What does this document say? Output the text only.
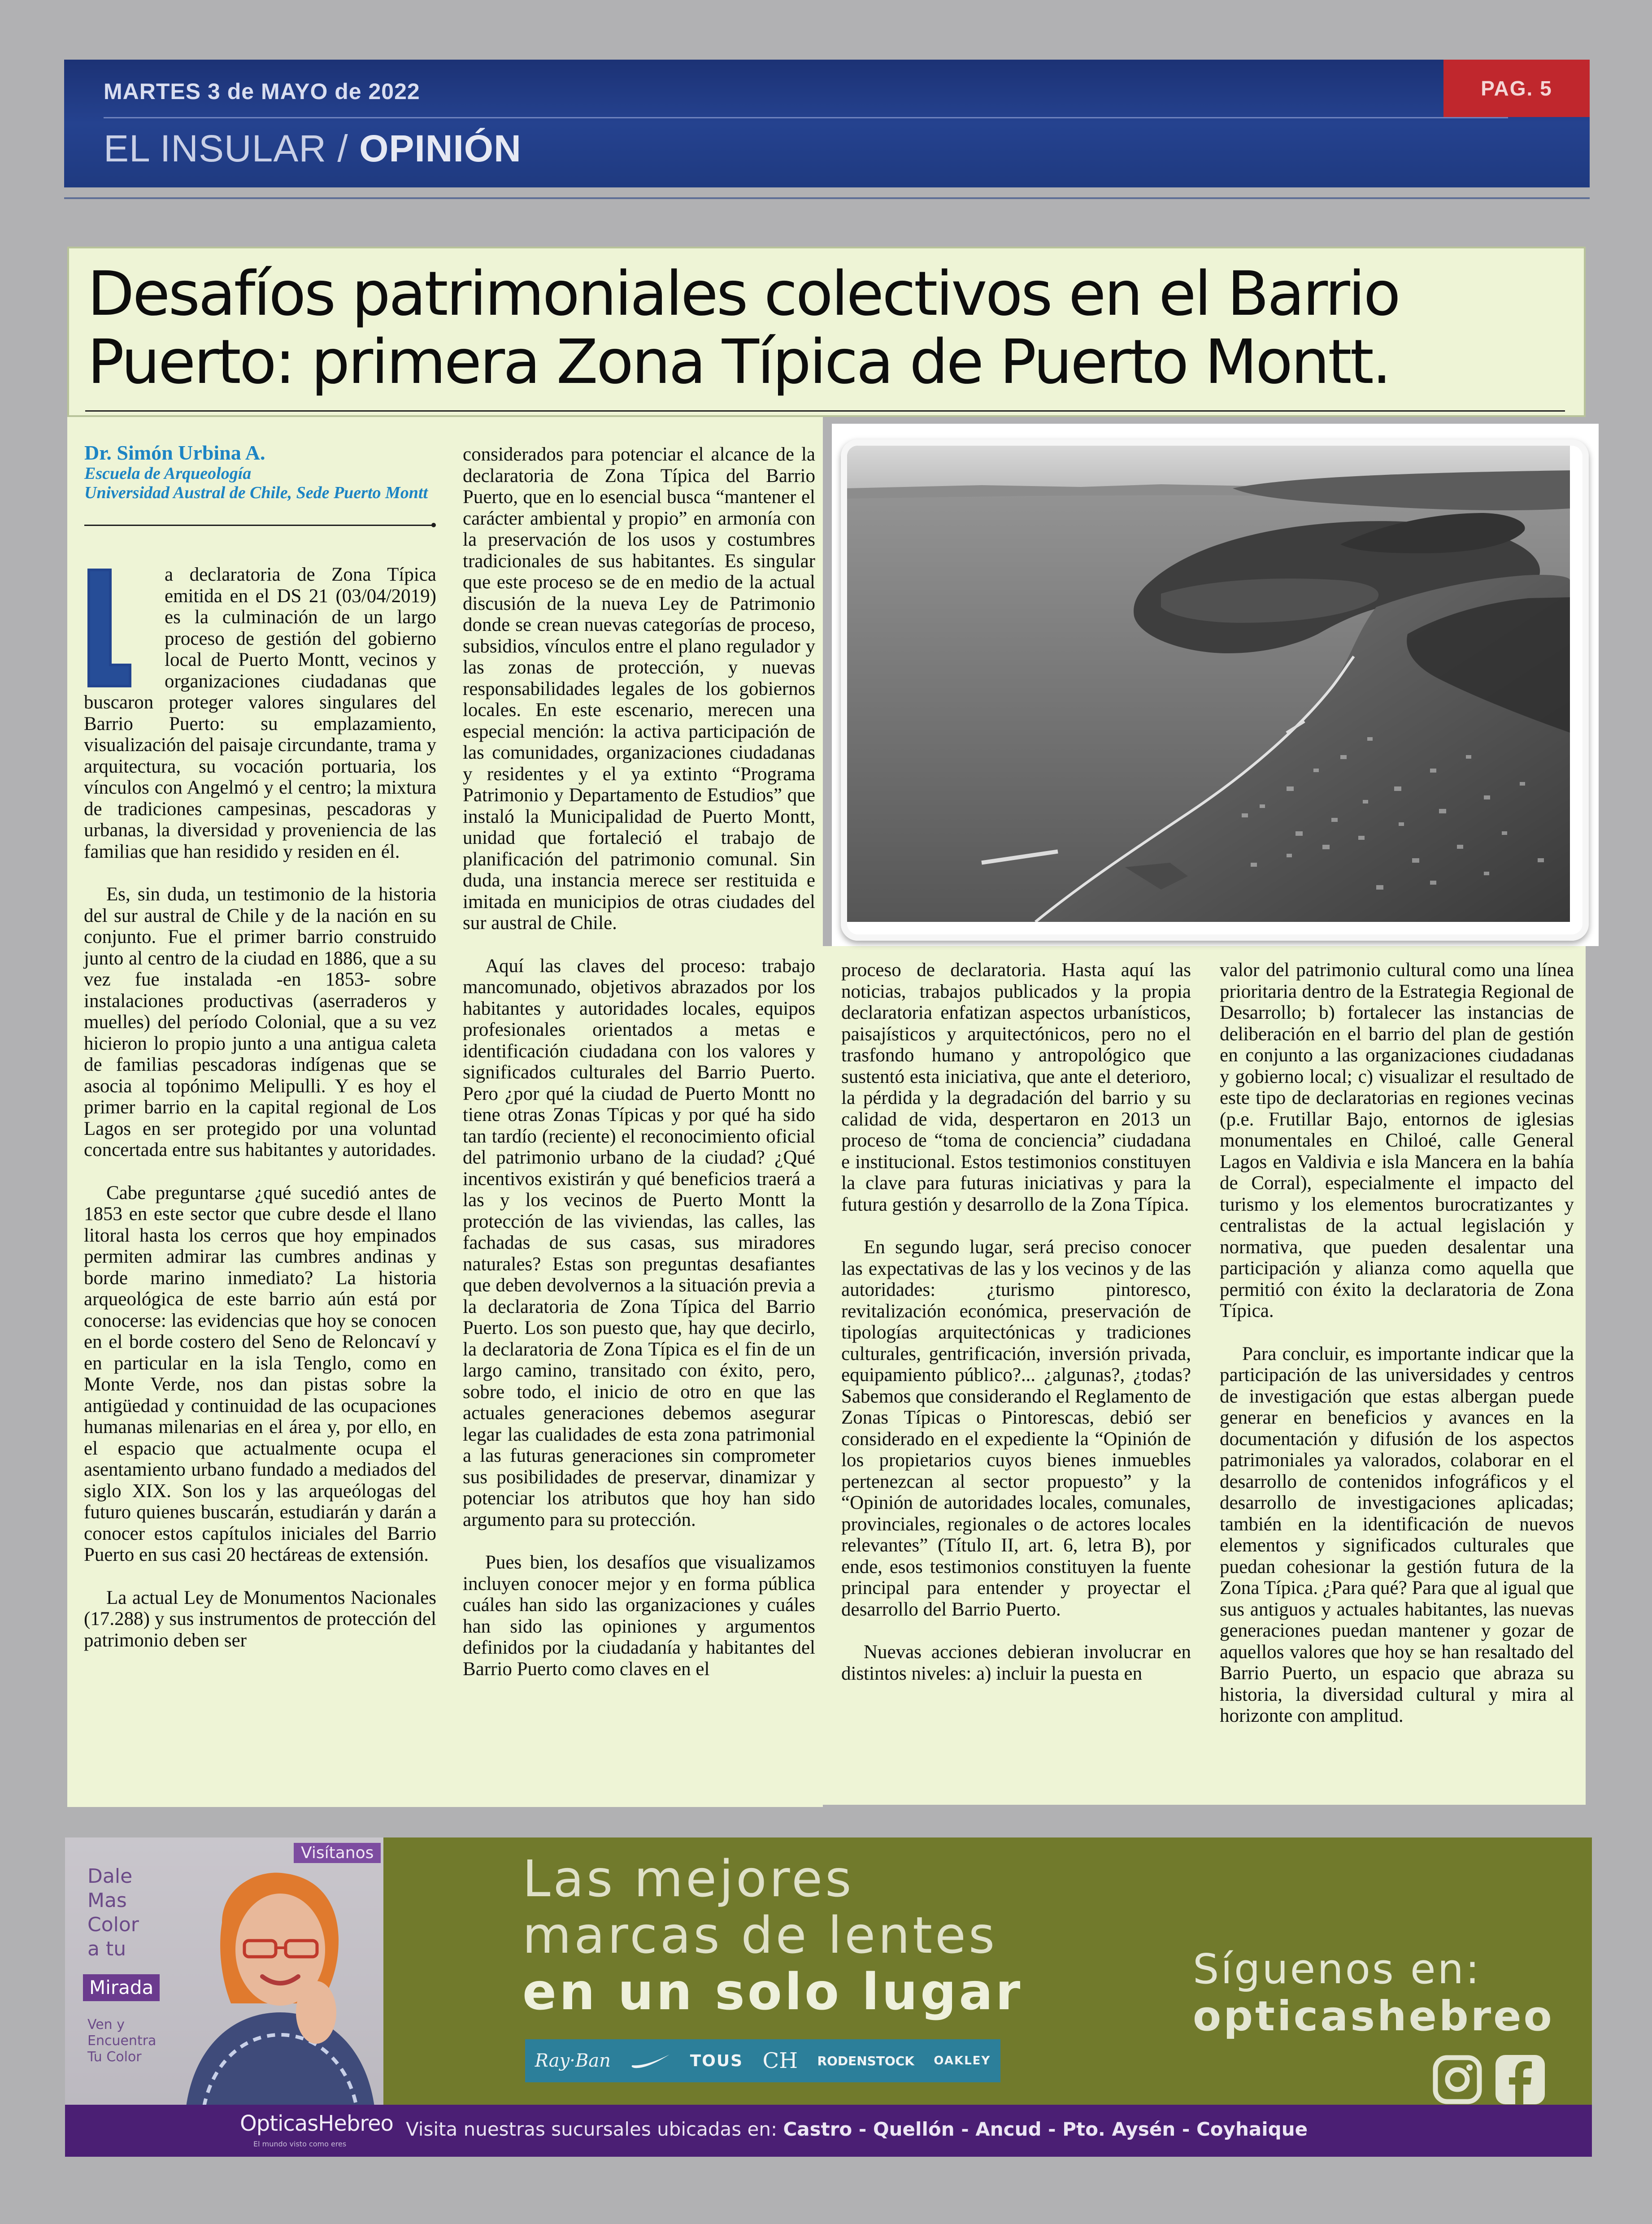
MARTES 3 de MAYO de 2022	PAG. 5
EL INSULAR / OPINIÓN
Desafíos patrimoniales colectivos en el Barrio Puerto: primera Zona Típica de Puerto Montt.
Dr. Simón Urbina A.
Escuela de Arqueología
Universidad Austral de Chile, Sede Puerto Montt

a declaratoria de Zona Típica emitida en el DS 21 (03/04/2019) es la culminación de un largo proceso de gestión del gobierno local de Puerto Montt, vecinos y organizaciones ciudadanas que buscaron proteger valores singulares del Barrio Puerto: su emplazamiento, visualización del paisaje circundante, trama y arquitectura, su vocación portuaria, los vínculos con Angelmó y el centro; la mixtura de tradiciones campesinas, pescadoras y urbanas, la diversidad y proveniencia de las familias que han residido y residen en él.

Es, sin duda, un testimonio de la historia del sur austral de Chile y de la nación en su conjunto. Fue el primer barrio construido junto al centro de la ciudad en 1886, que a su vez fue instalada -en 1853- sobre instalaciones productivas (aserraderos y muelles) del período Colonial, que a su vez hicieron lo propio junto a una antigua caleta de familias pescadoras indígenas que se asocia al topónimo Melipulli. Y es hoy el primer barrio en la capital regional de Los Lagos en ser protegido por una voluntad concertada entre sus habitantes y autoridades.

Cabe preguntarse ¿qué sucedió antes de 1853 en este sector que cubre desde el llano litoral hasta los cerros que hoy empinados permiten admirar las cumbres andinas y borde marino inmediato? La historia arqueológica de este barrio aún está por conocerse: las evidencias que hoy se conocen en el borde costero del Seno de Reloncaví y en particular en la isla Tenglo, como en Monte Verde, nos dan pistas sobre la antigüedad y continuidad de las ocupaciones humanas milenarias en el área y, por ello, en el espacio que actualmente ocupa el asentamiento urbano fundado a mediados del siglo XIX. Son los y las arqueólogas del futuro quienes buscarán, estudiarán y darán a conocer estos capítulos iniciales del Barrio Puerto en sus casi 20 hectáreas de extensión.

La actual Ley de Monumentos Nacionales (17.288) y sus instrumentos de protección del patrimonio deben ser

considerados para potenciar el alcance de la declaratoria de Zona Típica del Barrio Puerto, que en lo esencial busca “mantener el carácter ambiental y propio” en armonía con la preservación de los usos y costumbres tradicionales de sus habitantes. Es singular que este proceso se de en medio de la actual discusión de la nueva Ley de Patrimonio donde se crean nuevas categorías de proceso, subsidios, vínculos entre el plano regulador y las zonas de protección, y nuevas responsabilidades legales de los gobiernos locales. En este escenario, merecen una especial mención: la activa participación de las comunidades, organizaciones ciudadanas y residentes y el ya extinto “Programa Patrimonio y Departamento de Estudios” que instaló la Municipalidad de Puerto Montt, unidad que fortaleció el trabajo de planificación del patrimonio comunal. Sin duda, una instancia merece ser restituida e imitada en municipios de otras ciudades del sur austral de Chile.

Aquí las claves del proceso: trabajo mancomunado, objetivos abrazados por los habitantes y autoridades locales, equipos profesionales orientados a metas e identificación ciudadana con los valores y significados culturales del Barrio Puerto. Pero ¿por qué la ciudad de Puerto Montt no tiene otras Zonas Típicas y por qué ha sido tan tardío (reciente) el reconocimiento oficial del patrimonio urbano de la ciudad? ¿Qué incentivos existirán y qué beneficios traerá a las y los vecinos de Puerto Montt la protección de las viviendas, las calles, las fachadas de sus casas, sus miradores naturales? Estas son preguntas desafiantes que deben devolvernos a la situación previa a la declaratoria de Zona Típica del Barrio Puerto. Los son puesto que, hay que decirlo, la declaratoria de Zona Típica es el fin de un largo camino, transitado con éxito, pero, sobre todo, el inicio de otro en que las actuales generaciones debemos asegurar legar las cualidades de esta zona patrimonial a las futuras generaciones sin comprometer sus posibilidades de preservar, dinamizar y potenciar los atributos que hoy han sido argumento para su protección.

Pues bien, los desafíos que visualizamos incluyen conocer mejor y en forma pública cuáles han sido las organizaciones y cuáles han sido las opiniones y argumentos definidos por la ciudadanía y habitantes del Barrio Puerto como claves en el

proceso de declaratoria. Hasta aquí las noticias, trabajos publicados y la propia declaratoria enfatizan aspectos urbanísticos, paisajísticos y arquitectónicos, pero no el trasfondo humano y antropológico que sustentó esta iniciativa, que ante el deterioro, la pérdida y la degradación del barrio y su calidad de vida, despertaron en 2013 un proceso de “toma de conciencia” ciudadana e institucional. Estos testimonios constituyen la clave para futuras iniciativas y para la futura gestión y desarrollo de la Zona Típica.

En segundo lugar, será preciso conocer las expectativas de las y los vecinos y de las autoridades: ¿turismo pintoresco, revitalización económica, preservación de tipologías arquitectónicas y tradiciones culturales, gentrificación, inversión privada, equipamiento público?... ¿algunas?, ¿todas? Sabemos que considerando el Reglamento de Zonas Típicas o Pintorescas, debió ser considerado en el expediente la “Opinión de los propietarios cuyos bienes inmuebles pertenezcan al sector propuesto” y la “Opinión de autoridades locales, comunales, provinciales, regionales o de actores locales relevantes” (Título II, art. 6, letra B), por ende, esos testimonios constituyen la fuente principal para entender y proyectar el desarrollo del Barrio Puerto.

Nuevas acciones debieran involucrar en distintos niveles: a) incluir la puesta en

valor del patrimonio cultural como una línea prioritaria dentro de la Estrategia Regional de Desarrollo; b) fortalecer las instancias de deliberación en el barrio del plan de gestión en conjunto a las organizaciones ciudadanas y gobierno local; c) visualizar el resultado de este tipo de declaratorias en regiones vecinas (p.e. Frutillar Bajo, entornos de iglesias monumentales en Chiloé, calle General Lagos en Valdivia e isla Mancera en la bahía de Corral), especialmente el impacto del turismo y los elementos burocratizantes y centralistas de la actual legislación y normativa, que pueden desalentar una participación y alianza como aquella que permitió con éxito la declaratoria de Zona Típica.

Para concluir, es importante indicar que la participación de las universidades y centros de investigación que estas albergan puede generar en beneficios y avances en la documentación y difusión de los aspectos patrimoniales ya valorados, colaborar en el desarrollo de contenidos infográficos y el desarrollo de investigaciones aplicadas; también en la identificación de nuevos elementos y significados culturales que puedan cohesionar la gestión futura de la Zona Típica. ¿Para qué? Para que al igual que sus antiguos y actuales habitantes, las nuevas generaciones puedan mantener y gozar de aquellos valores que hoy se han resaltado del Barrio Puerto, un espacio que abraza su historia, la diversidad cultural y mira al horizonte con amplitud.

Dale
Mas
Color
a tu
Mirada
Ven y
Encuentra
Tu Color
Visítanos	Las mejores
marcas de lentes
en un solo lugar
Ray·Ban	TOUS CH RODENSTOCK OAKLEY
Síguenos en:
opticashebreo
OpticasHebreo
El mundo visto como eres
Visita nuestras sucursales ubicadas en: Castro - Quellón - Ancud - Pto. Aysén - Coyhaique
